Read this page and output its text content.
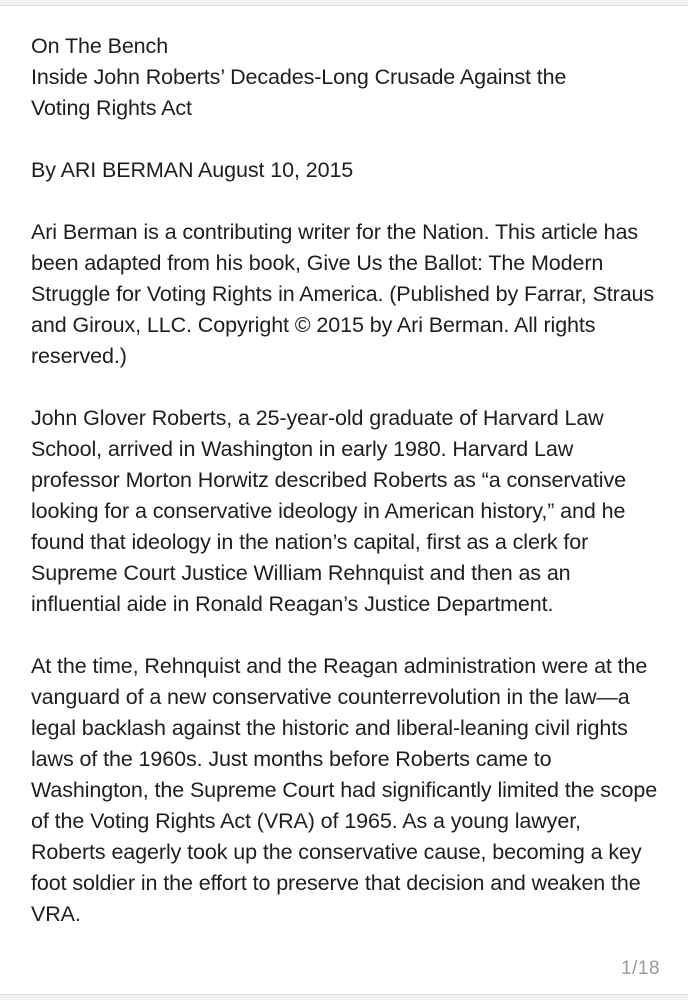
On The Bench
Inside John Roberts’ Decades-Long Crusade Against the
Voting Rights Act

By ARI BERMAN August 10, 2015

Ari Berman is a contributing writer for the Nation. This article has been adapted from his book, Give Us the Ballot: The Modern Struggle for Voting Rights in America. (Published by Farrar, Straus and Giroux, LLC. Copyright © 2015 by Ari Berman. All rights reserved.)

John Glover Roberts, a 25-year-old graduate of Harvard Law School, arrived in Washington in early 1980. Harvard Law professor Morton Horwitz described Roberts as “a conservative looking for a conservative ideology in American history,” and he found that ideology in the nation’s capital, first as a clerk for Supreme Court Justice William Rehnquist and then as an influential aide in Ronald Reagan’s Justice Department.

At the time, Rehnquist and the Reagan administration were at the vanguard of a new conservative counterrevolution in the law—a legal backlash against the historic and liberal-leaning civil rights laws of the 1960s. Just months before Roberts came to Washington, the Supreme Court had significantly limited the scope of the Voting Rights Act (VRA) of 1965. As a young lawyer, Roberts eagerly took up the conservative cause, becoming a key foot soldier in the effort to preserve that decision and weaken the VRA.

1/18
